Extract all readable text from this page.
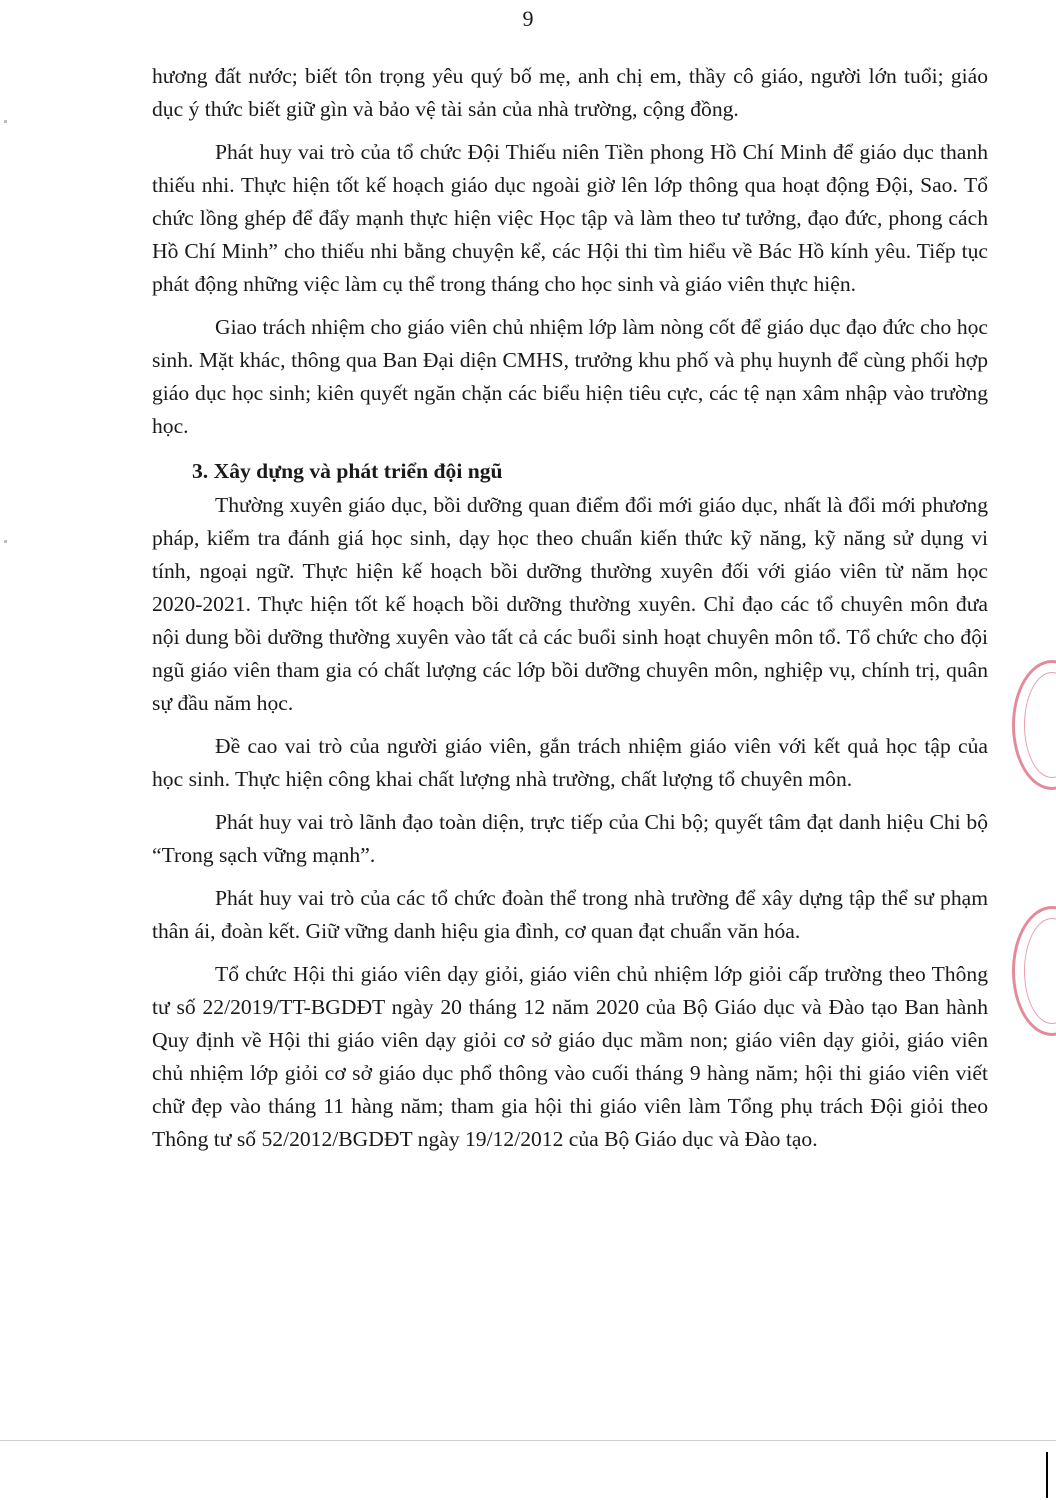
9

hương đất nước; biết tôn trọng yêu quý bố mẹ, anh chị em, thầy cô giáo, người lớn tuổi; giáo dục ý thức biết giữ gìn và bảo vệ tài sản của nhà trường, cộng đồng.

Phát huy vai trò của tổ chức Đội Thiếu niên Tiền phong Hồ Chí Minh để giáo dục thanh thiếu nhi. Thực hiện tốt kế hoạch giáo dục ngoài giờ lên lớp thông qua hoạt động Đội, Sao. Tổ chức lồng ghép để đẩy mạnh thực hiện việc Học tập và làm theo tư tưởng, đạo đức, phong cách Hồ Chí Minh” cho thiếu nhi bằng chuyện kể, các Hội thi tìm hiểu về Bác Hồ kính yêu. Tiếp tục phát động những việc làm cụ thể trong tháng cho học sinh và giáo viên thực hiện.

Giao trách nhiệm cho giáo viên chủ nhiệm lớp làm nòng cốt để giáo dục đạo đức cho học sinh. Mặt khác, thông qua Ban Đại diện CMHS, trưởng khu phố và phụ huynh để cùng phối hợp giáo dục học sinh; kiên quyết ngăn chặn các biểu hiện tiêu cực, các tệ nạn xâm nhập vào trường học.

3. Xây dựng và phát triển đội ngũ

Thường xuyên giáo dục, bồi dưỡng quan điểm đổi mới giáo dục, nhất là đổi mới phương pháp, kiểm tra đánh giá học sinh, dạy học theo chuẩn kiến thức kỹ năng, kỹ năng sử dụng vi tính, ngoại ngữ. Thực hiện kế hoạch bồi dưỡng thường xuyên đối với giáo viên từ năm học 2020-2021. Thực hiện tốt kế hoạch bồi dưỡng thường xuyên. Chỉ đạo các tổ chuyên môn đưa nội dung bồi dưỡng thường xuyên vào tất cả các buổi sinh hoạt chuyên môn tổ. Tổ chức cho đội ngũ giáo viên tham gia có chất lượng các lớp bồi dưỡng chuyên môn, nghiệp vụ, chính trị, quân sự đầu năm học.

Đề cao vai trò của người giáo viên, gắn trách nhiệm giáo viên với kết quả học tập của học sinh. Thực hiện công khai chất lượng nhà trường, chất lượng tổ chuyên môn.

Phát huy vai trò lãnh đạo toàn diện, trực tiếp của Chi bộ; quyết tâm đạt danh hiệu Chi bộ “Trong sạch vững mạnh”.

Phát huy vai trò của các tổ chức đoàn thể trong nhà trường để xây dựng tập thể sư phạm thân ái, đoàn kết. Giữ vững danh hiệu gia đình, cơ quan đạt chuẩn văn hóa.

Tổ chức Hội thi giáo viên dạy giỏi, giáo viên chủ nhiệm lớp giỏi cấp trường theo Thông tư số 22/2019/TT-BGDĐT ngày 20 tháng 12 năm 2020 của Bộ Giáo dục và Đào tạo Ban hành Quy định về Hội thi giáo viên dạy giỏi cơ sở giáo dục mầm non; giáo viên dạy giỏi, giáo viên chủ nhiệm lớp giỏi cơ sở giáo dục phổ thông vào cuối tháng 9 hàng năm; hội thi giáo viên viết chữ đẹp vào tháng 11 hàng năm; tham gia hội thi giáo viên làm Tổng phụ trách Đội giỏi theo Thông tư số 52/2012/BGDĐT ngày 19/12/2012 của Bộ Giáo dục và Đào tạo.
